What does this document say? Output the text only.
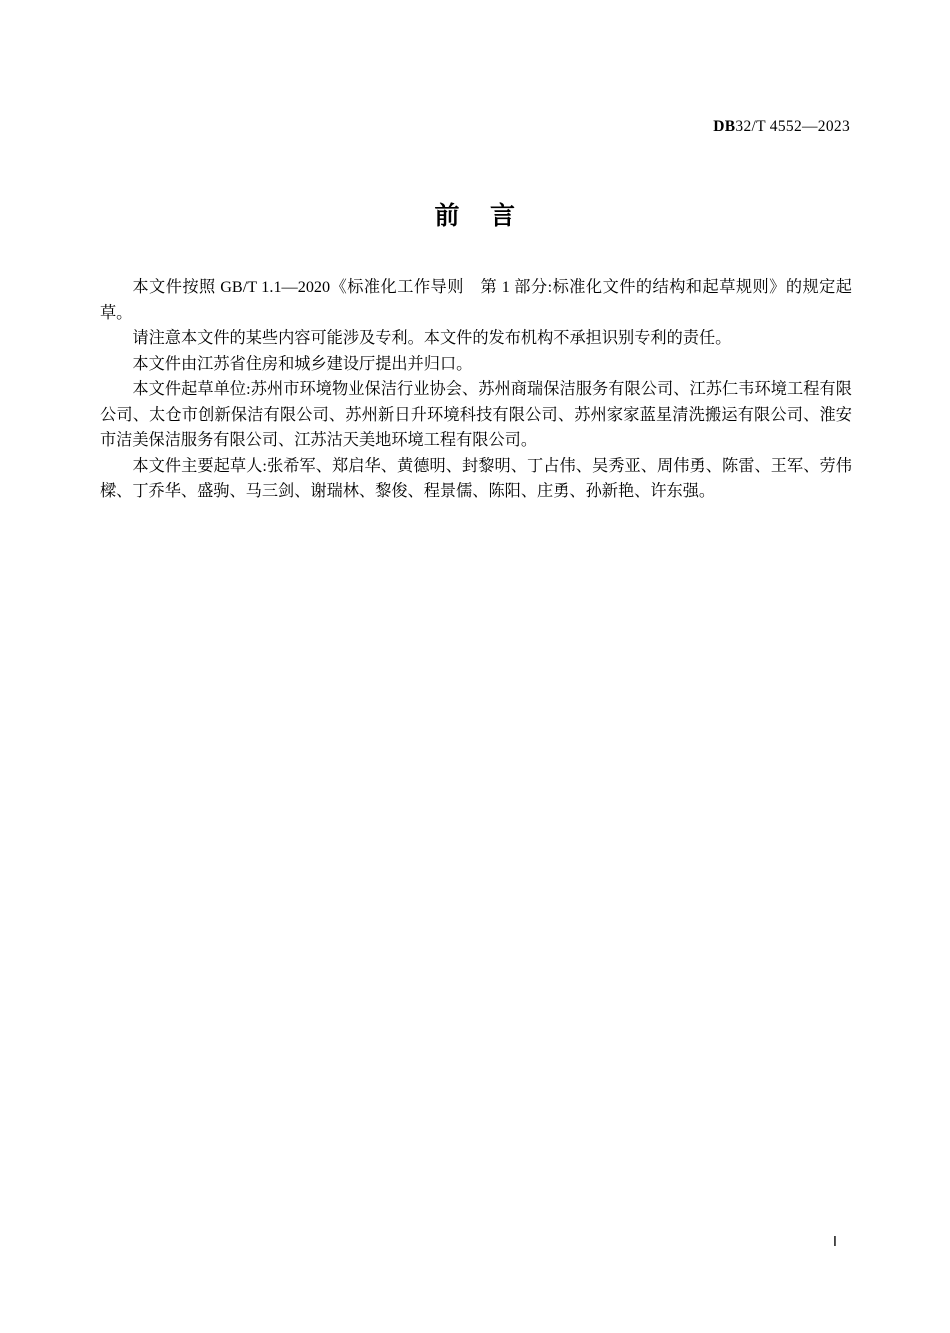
DB32/T 4552—2023
前 言

本文件按照 GB/T 1.1—2020《标准化工作导则　第 1 部分:标准化文件的结构和起草规则》的规定起草。

请注意本文件的某些内容可能涉及专利。本文件的发布机构不承担识别专利的责任。

本文件由江苏省住房和城乡建设厅提出并归口。

本文件起草单位:苏州市环境物业保洁行业协会、苏州商瑞保洁服务有限公司、江苏仁韦环境工程有限公司、太仓市创新保洁有限公司、苏州新日升环境科技有限公司、苏州家家蓝星清洗搬运有限公司、淮安市洁美保洁服务有限公司、江苏沽天美地环境工程有限公司。

本文件主要起草人:张希军、郑启华、黄德明、封黎明、丁占伟、吴秀亚、周伟勇、陈雷、王军、劳伟樑、丁乔华、盛驹、马三剑、谢瑞林、黎俊、程景儒、陈阳、庄勇、孙新艳、许东强。

Ⅰ
